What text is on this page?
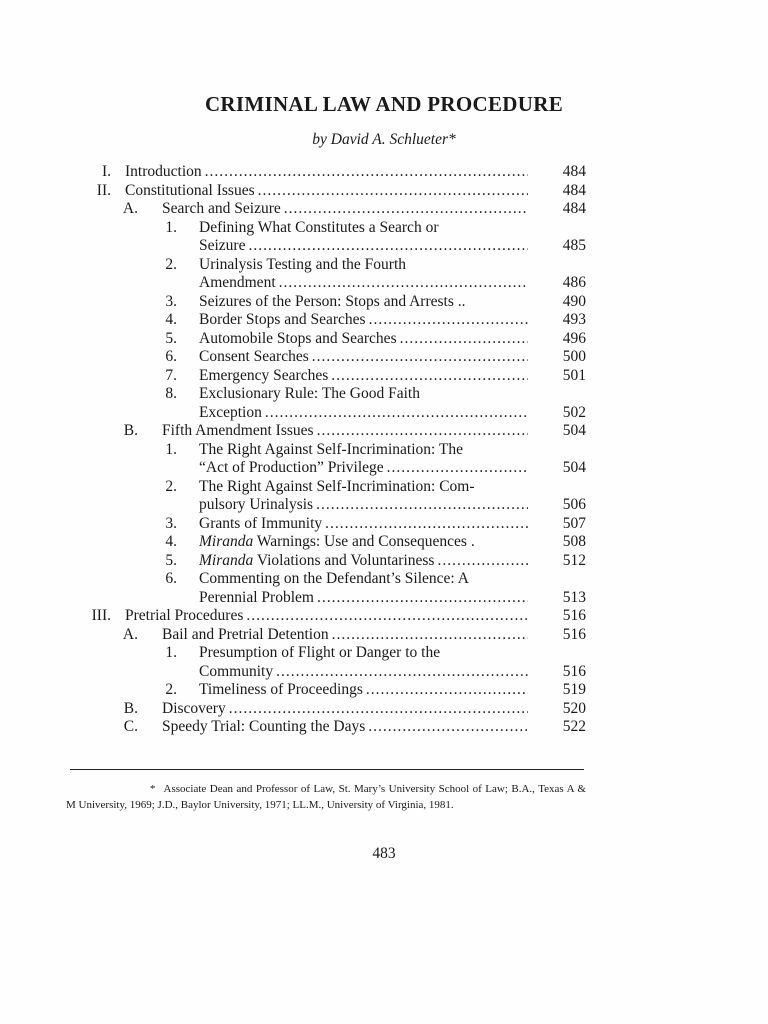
CRIMINAL LAW AND PROCEDURE
by David A. Schlueter*
I. Introduction .....	484
II. Constitutional Issues .....	484
A. Search and Seizure .....	484
1. Defining What Constitutes a Search or
Seizure .....	485
2. Urinalysis Testing and the Fourth
Amendment .....	486
3. Seizures of the Person: Stops and Arrests ..	490
4. Border Stops and Searches .....	493
5. Automobile Stops and Searches .....	496
6. Consent Searches .....	500
7. Emergency Searches .....	501
8. Exclusionary Rule: The Good Faith
Exception .....	502
B. Fifth Amendment Issues .....	504
1. The Right Against Self-Incrimination: The
“Act of Production” Privilege .....	504
2. The Right Against Self-Incrimination: Com-
pulsory Urinalysis .....	506
3. Grants of Immunity .....	507
4. Miranda Warnings: Use and Consequences .	508
5. Miranda Violations and Voluntariness .....	512
6. Commenting on the Defendant’s Silence: A
Perennial Problem .....	513
III. Pretrial Procedures .....	516
A. Bail and Pretrial Detention .....	516
1. Presumption of Flight or Danger to the
Community .....	516
2. Timeliness of Proceedings .....	519
B. Discovery .....	520
C. Speedy Trial: Counting the Days .....	522
* Associate Dean and Professor of Law, St. Mary’s University School of Law; B.A., Texas A & M University, 1969; J.D., Baylor University, 1971; LL.M., University of Virginia, 1981.
483
